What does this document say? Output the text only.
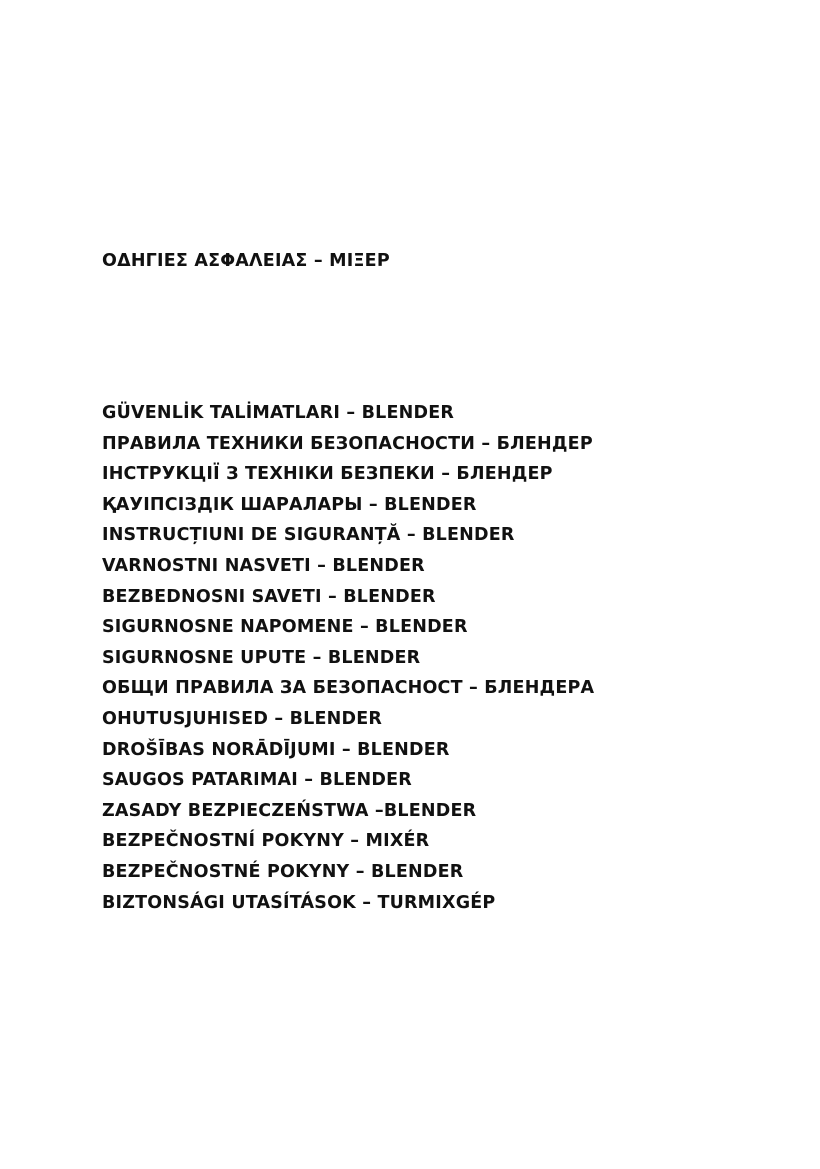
ΟΔΗΓΙΕΣ ΑΣΦΑΛΕΙΑΣ – ΜΙΞΕΡ
GÜVENLİK TALİMATLARI – BLENDER
ПРАВИЛА ТЕХНИКИ БЕЗОПАСНОСТИ – БЛЕНДЕР
ІНСТРУКЦІЇ З ТЕХНІКИ БЕЗПЕКИ – БЛЕНДЕР
ҚАУІПСІЗДІК ШАРАЛАРЫ – BLENDER
INSTRUCȚIUNI DE SIGURANȚĂ – BLENDER
VARNOSTNI NASVETI – BLENDER
BEZBEDNOSNI SAVETI – BLENDER
SIGURNOSNE NAPOMENE – BLENDER
SIGURNOSNE UPUTE – BLENDER
ОБЩИ ПРАВИЛА ЗА БЕЗОПАСНОСТ – БЛЕНДЕРА
OHUTUSJUHISED – BLENDER
DROŠĪBAS NORĀDĪJUMI – BLENDER
SAUGOS PATARIMAI – BLENDER
ZASADY BEZPIECZEŃSTWA –BLENDER
BEZPEČNOSTNÍ POKYNY – MIXÉR
BEZPEČNOSTNÉ POKYNY – BLENDER
BIZTONSÁGI UTASÍTÁSOK – TURMIXGÉP
